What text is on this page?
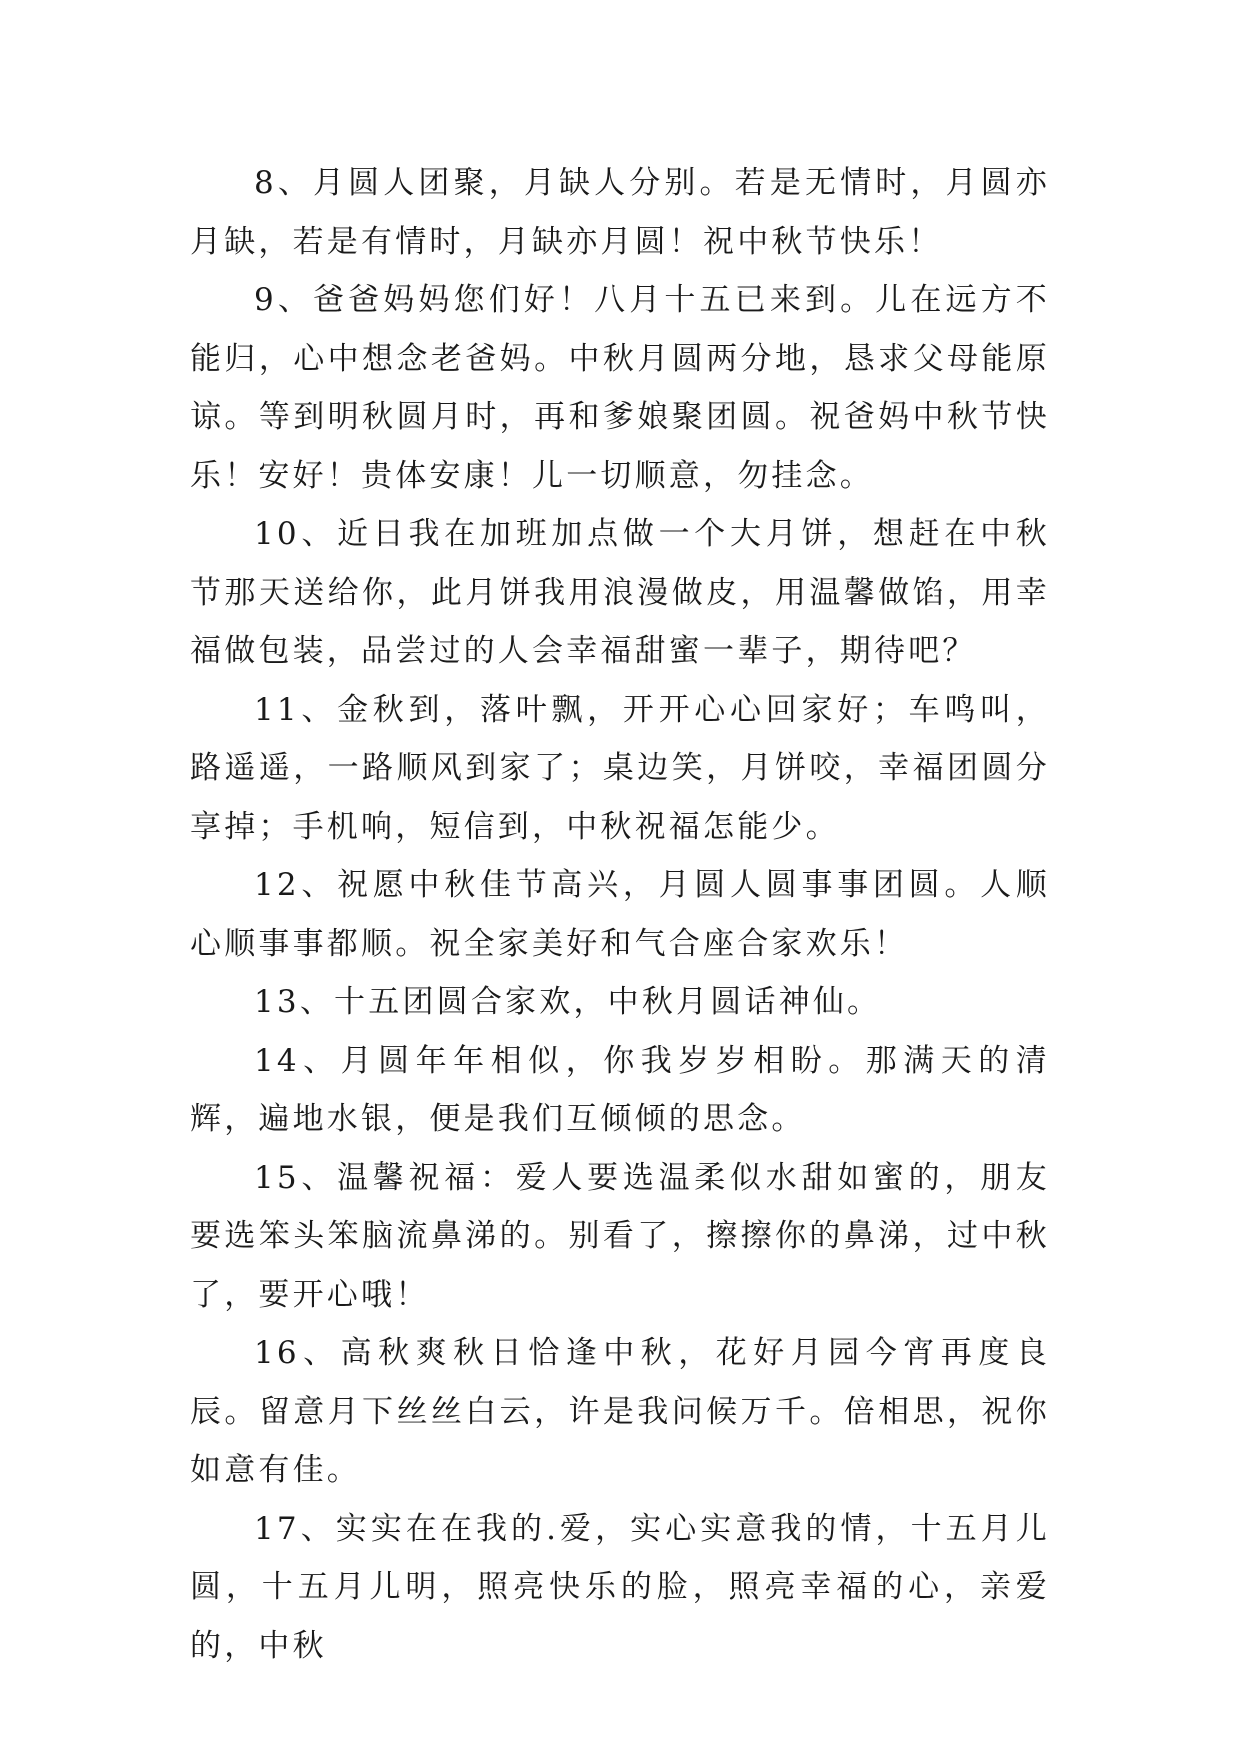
8、月圆人团聚，月缺人分别。若是无情时，月圆亦月缺，若是有情时，月缺亦月圆！祝中秋节快乐！

9、爸爸妈妈您们好！八月十五已来到。儿在远方不能归，心中想念老爸妈。中秋月圆两分地，恳求父母能原谅。等到明秋圆月时，再和爹娘聚团圆。祝爸妈中秋节快乐！安好！贵体安康！儿一切顺意，勿挂念。

10、近日我在加班加点做一个大月饼，想赶在中秋节那天送给你，此月饼我用浪漫做皮，用温馨做馅，用幸福做包装，品尝过的人会幸福甜蜜一辈子，期待吧？

11、金秋到，落叶飘，开开心心回家好；车鸣叫，路遥遥，一路顺风到家了；桌边笑，月饼咬，幸福团圆分享掉；手机响，短信到，中秋祝福怎能少。

12、祝愿中秋佳节高兴，月圆人圆事事团圆。人顺心顺事事都顺。祝全家美好和气合座合家欢乐！

13、十五团圆合家欢，中秋月圆话神仙。

14、月圆年年相似，你我岁岁相盼。那满天的清辉，遍地水银，便是我们互倾倾的思念。

15、温馨祝福：爱人要选温柔似水甜如蜜的，朋友要选笨头笨脑流鼻涕的。别看了，擦擦你的鼻涕，过中秋了，要开心哦！

16、高秋爽秋日恰逢中秋，花好月园今宵再度良辰。留意月下丝丝白云，许是我问候万千。倍相思，祝你如意有佳。

17、实实在在我的.爱，实心实意我的情，十五月儿圆，十五月儿明，照亮快乐的脸，照亮幸福的心，亲爱的，中秋
